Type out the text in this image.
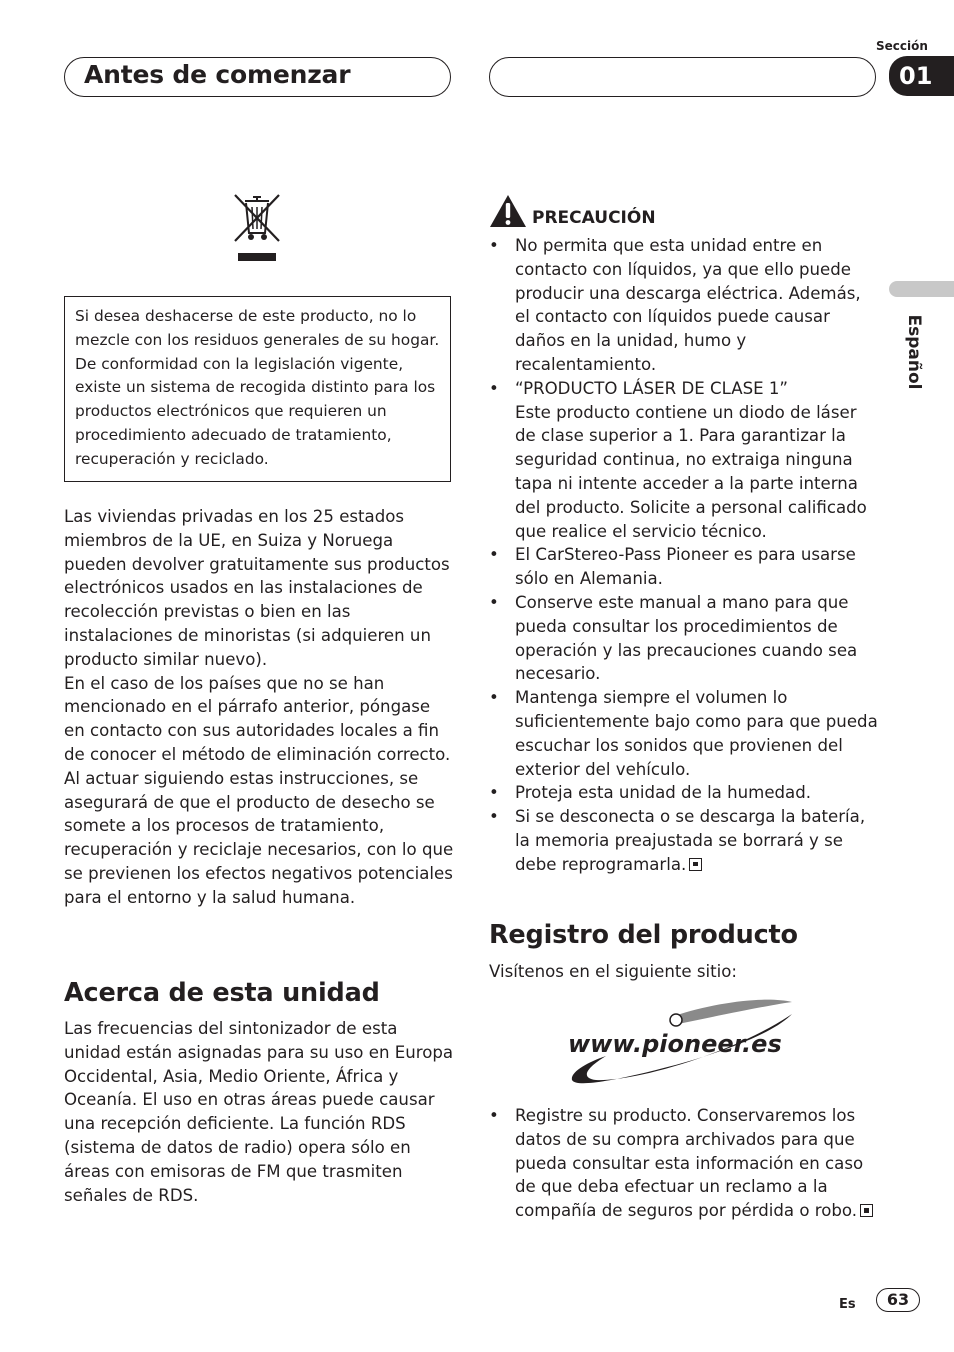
Antes de comenzar
Sección
01
Español
Si desea deshacerse de este producto, no lo mezcle con los residuos generales de su hogar. De conformidad con la legislación vigente, existe un sistema de recogida distinto para los productos electrónicos que requieren un procedimiento adecuado de tratamiento, recuperación y reciclado.
Las viviendas privadas en los 25 estados miembros de la UE, en Suiza y Noruega pueden devolver gratuitamente sus productos electrónicos usados en las instalaciones de recolección previstas o bien en las instalaciones de minoristas (si adquieren un producto similar nuevo).
En el caso de los países que no se han mencionado en el párrafo anterior, póngase en contacto con sus autoridades locales a fin de conocer el método de eliminación correcto.
Al actuar siguiendo estas instrucciones, se asegurará de que el producto de desecho se somete a los procesos de tratamiento, recuperación y reciclaje necesarios, con lo que se previenen los efectos negativos potenciales para el entorno y la salud humana.
Acerca de esta unidad
Las frecuencias del sintonizador de esta unidad están asignadas para su uso en Europa Occidental, Asia, Medio Oriente, África y Oceanía. El uso en otras áreas puede causar una recepción deficiente. La función RDS (sistema de datos de radio) opera sólo en áreas con emisoras de FM que trasmiten señales de RDS.
PRECAUCIÓN
• No permita que esta unidad entre en contacto con líquidos, ya que ello puede producir una descarga eléctrica. Además, el contacto con líquidos puede causar daños en la unidad, humo y recalentamiento.
• “PRODUCTO LÁSER DE CLASE 1”
Este producto contiene un diodo de láser de clase superior a 1. Para garantizar la seguridad continua, no extraiga ninguna tapa ni intente acceder a la parte interna del producto. Solicite a personal calificado que realice el servicio técnico.
• El CarStereo-Pass Pioneer es para usarse sólo en Alemania.
• Conserve este manual a mano para que pueda consultar los procedimientos de operación y las precauciones cuando sea necesario.
• Mantenga siempre el volumen lo suficientemente bajo como para que pueda escuchar los sonidos que provienen del exterior del vehículo.
• Proteja esta unidad de la humedad.
• Si se desconecta o se descarga la batería, la memoria preajustada se borrará y se debe reprogramarla.
Registro del producto
Visítenos en el siguiente sitio:
www.pioneer.es
• Registre su producto. Conservaremos los datos de su compra archivados para que pueda consultar esta información en caso de que deba efectuar un reclamo a la compañía de seguros por pérdida o robo.
Es	63
